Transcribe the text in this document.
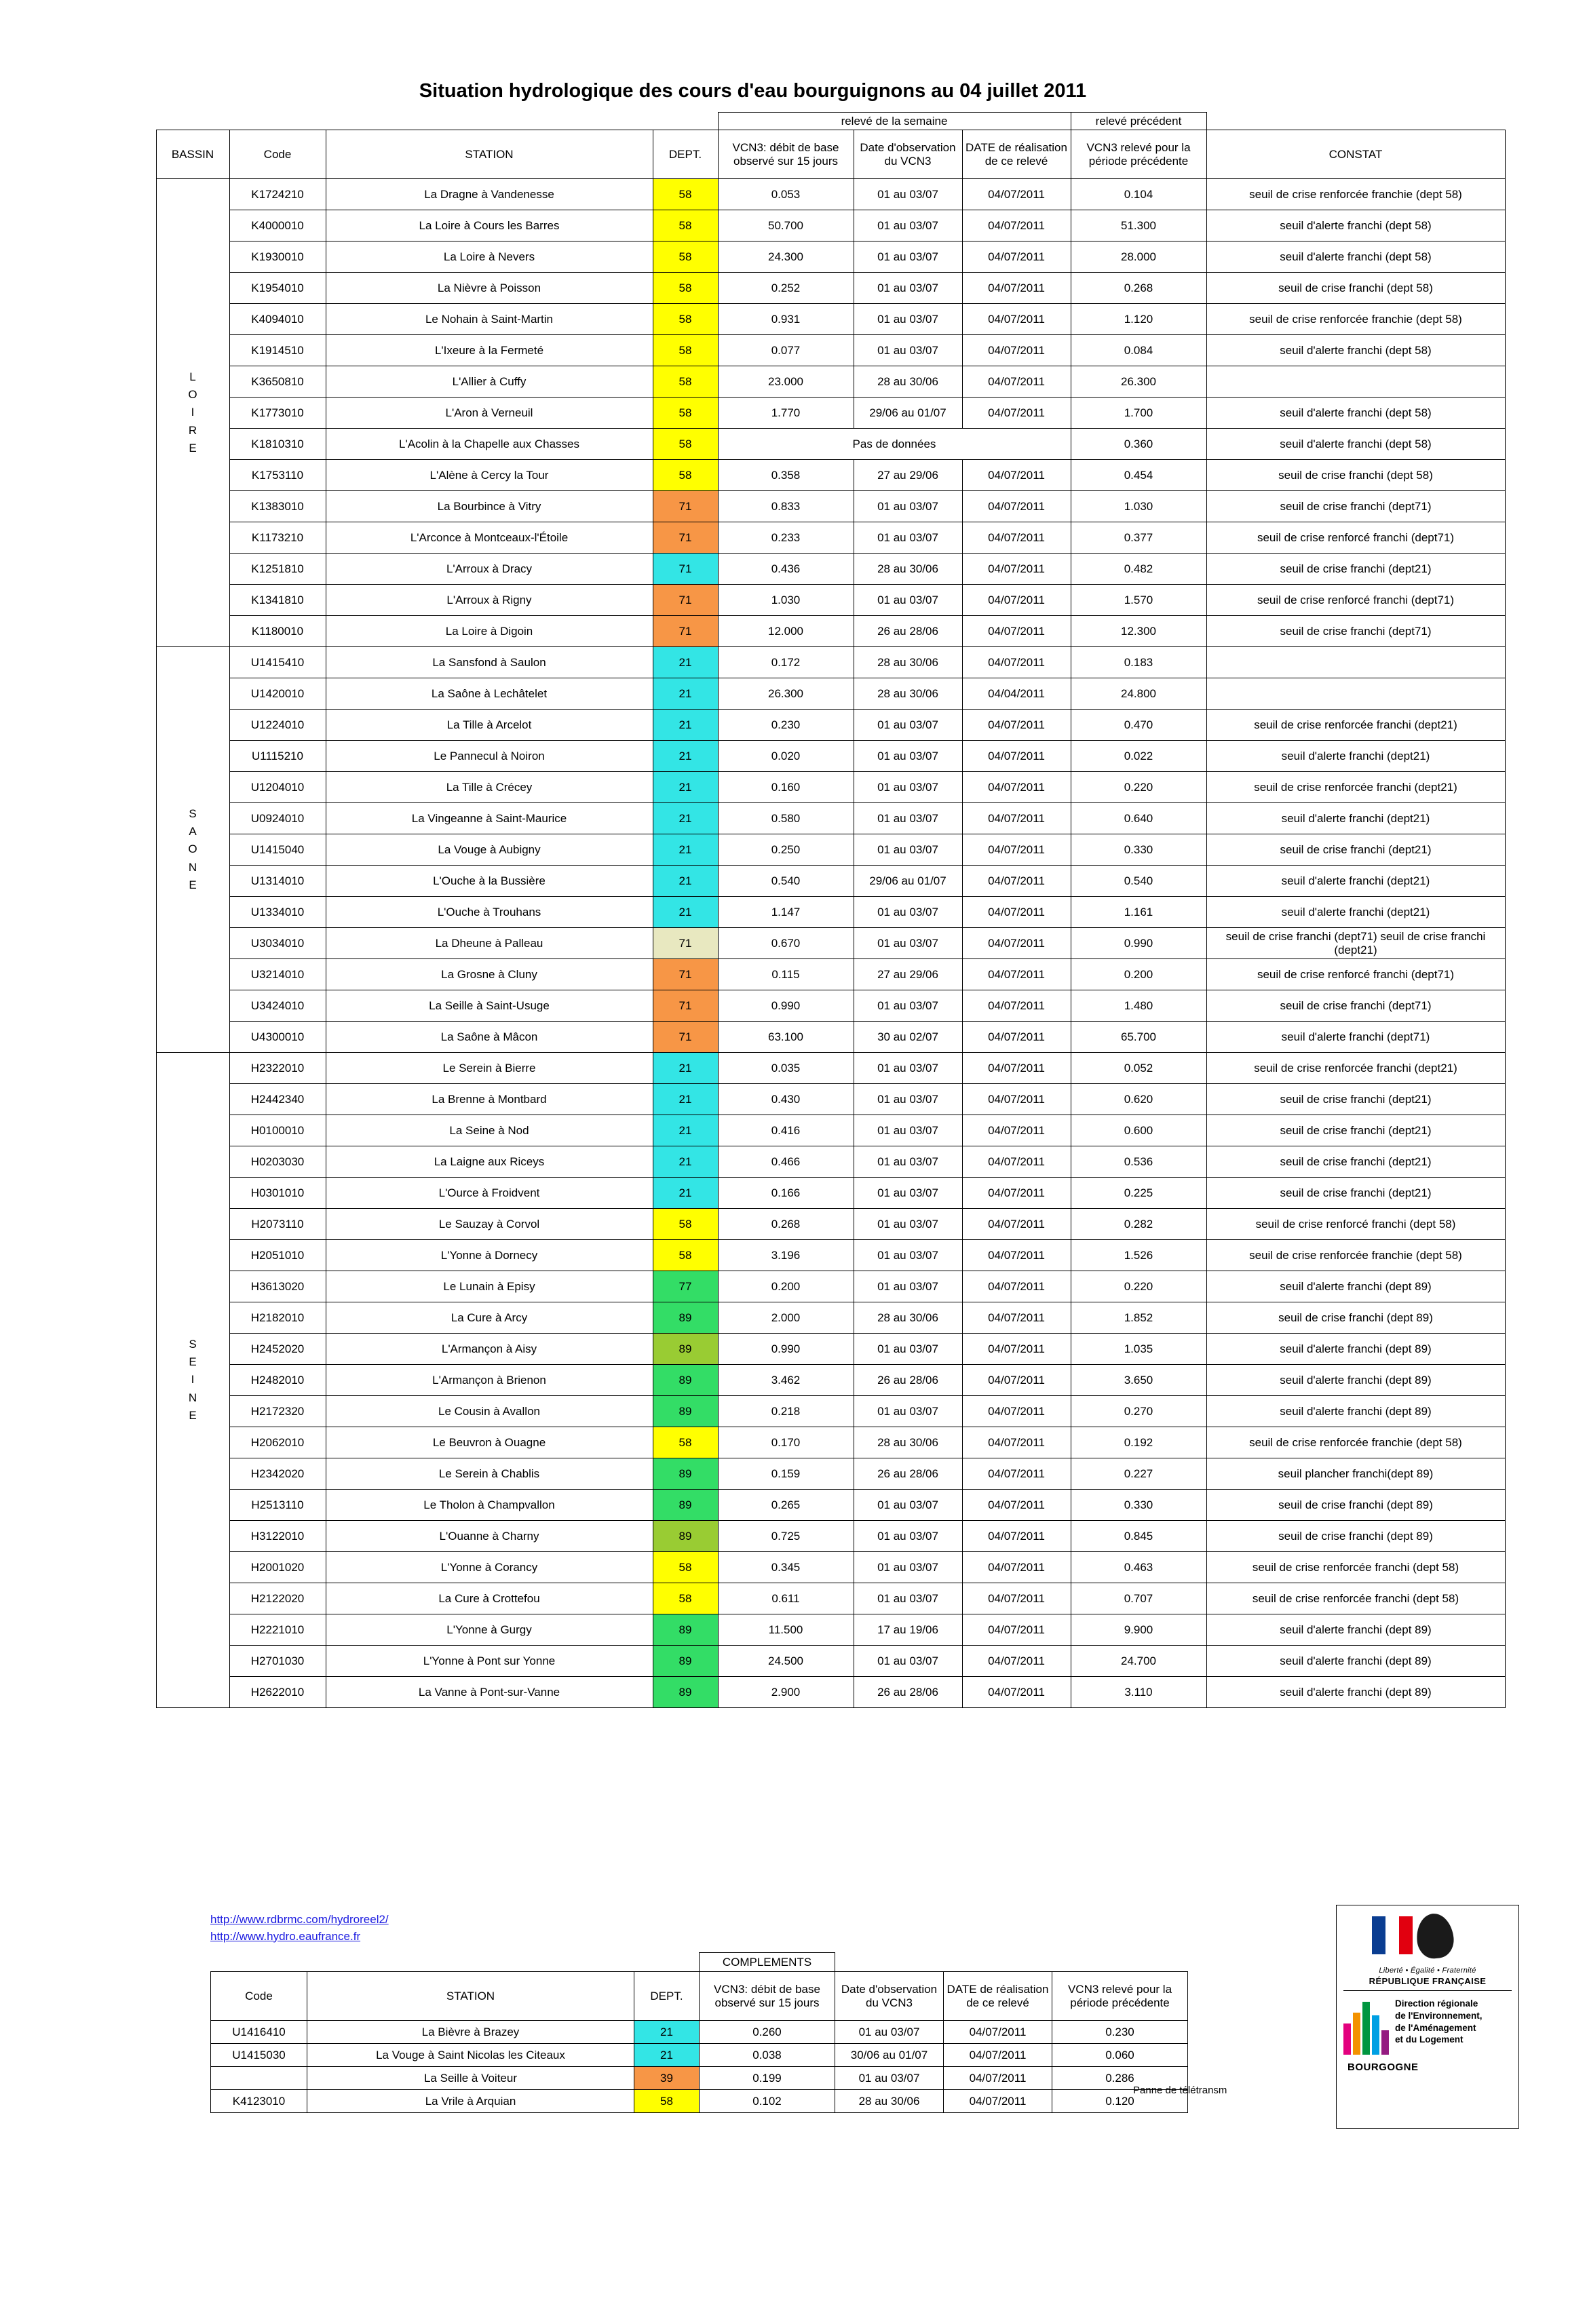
Situation hydrologique des cours d'eau bourguignons au 04 juillet 2011
				relevé de la semaine			relevé précédent	
BASSIN	Code	STATION	DEPT.	VCN3: débit de base observé sur 15 jours	Date d'observation du VCN3	DATE de réalisation de ce relevé	VCN3 relevé pour la période précédente	CONSTAT

L
O
I
R
E	K1724210	La Dragne à Vandenesse	58	0.053	01 au 03/07	04/07/2011	0.104	seuil de crise renforcée franchie (dept 58)
	K4000010	La Loire à Cours les Barres	58	50.700	01 au 03/07	04/07/2011	51.300	seuil d'alerte franchi (dept 58)
	K1930010	La Loire à Nevers	58	24.300	01 au 03/07	04/07/2011	28.000	seuil d'alerte franchi (dept 58)
	K1954010	La Nièvre à Poisson	58	0.252	01 au 03/07	04/07/2011	0.268	seuil de crise franchi (dept 58)
	K4094010	Le Nohain à Saint-Martin	58	0.931	01 au 03/07	04/07/2011	1.120	seuil de crise renforcée franchie (dept 58)
	K1914510	L'Ixeure à la Fermeté	58	0.077	01 au 03/07	04/07/2011	0.084	seuil d'alerte franchi (dept 58)
	K3650810	L'Allier à Cuffy	58	23.000	28 au 30/06	04/07/2011	26.300	
	K1773010	L'Aron à Verneuil	58	1.770	29/06 au 01/07	04/07/2011	1.700	seuil d'alerte franchi (dept 58)
	K1810310	L'Acolin à la Chapelle aux Chasses	58	Pas de données			0.360	seuil d'alerte franchi (dept 58)
	K1753110	L'Alène à Cercy la Tour	58	0.358	27 au 29/06	04/07/2011	0.454	seuil de crise franchi (dept 58)
	K1383010	La Bourbince à Vitry	71	0.833	01 au 03/07	04/07/2011	1.030	seuil de crise franchi (dept71)
	K1173210	L'Arconce à Montceaux-l'Étoile	71	0.233	01 au 03/07	04/07/2011	0.377	seuil de crise renforcé franchi (dept71)
	K1251810	L'Arroux à Dracy	71	0.436	28 au 30/06	04/07/2011	0.482	seuil de crise franchi (dept21)
	K1341810	L'Arroux à Rigny	71	1.030	01 au 03/07	04/07/2011	1.570	seuil de crise renforcé franchi (dept71)
	K1180010	La Loire à Digoin	71	12.000	26 au 28/06	04/07/2011	12.300	seuil de crise franchi (dept71)

S
A
O
N
E	U1415410	La Sansfond à Saulon	21	0.172	28 au 30/06	04/07/2011	0.183	
	U1420010	La Saône à Lechâtelet	21	26.300	28 au 30/06	04/04/2011	24.800	
	U1224010	La Tille à Arcelot	21	0.230	01 au 03/07	04/07/2011	0.470	seuil de crise renforcée franchi (dept21)
	U1115210	Le Pannecul à Noiron	21	0.020	01 au 03/07	04/07/2011	0.022	seuil d'alerte franchi (dept21)
	U1204010	La Tille à Crécey	21	0.160	01 au 03/07	04/07/2011	0.220	seuil de crise renforcée franchi (dept21)
	U0924010	La Vingeanne à Saint-Maurice	21	0.580	01 au 03/07	04/07/2011	0.640	seuil d'alerte franchi (dept21)
	U1415040	La Vouge à Aubigny	21	0.250	01 au 03/07	04/07/2011	0.330	seuil de crise franchi (dept21)
	U1314010	L'Ouche à la Bussière	21	0.540	29/06 au 01/07	04/07/2011	0.540	seuil d'alerte franchi (dept21)
	U1334010	L'Ouche à Trouhans	21	1.147	01 au 03/07	04/07/2011	1.161	seuil d'alerte franchi (dept21)
	U3034010	La Dheune à Palleau	71	0.670	01 au 03/07	04/07/2011	0.990	seuil de crise franchi (dept71) seuil de crise franchi (dept21)
	U3214010	La Grosne à Cluny	71	0.115	27 au 29/06	04/07/2011	0.200	seuil de crise renforcé franchi (dept71)
	U3424010	La Seille à Saint-Usuge	71	0.990	01 au 03/07	04/07/2011	1.480	seuil de crise franchi (dept71)
	U4300010	La Saône à Mâcon	71	63.100	30 au 02/07	04/07/2011	65.700	seuil d'alerte franchi (dept71)

S
E
I
N
E	H2322010	Le Serein à Bierre	21	0.035	01 au 03/07	04/07/2011	0.052	seuil de crise renforcée franchi (dept21)
	H2442340	La Brenne à Montbard	21	0.430	01 au 03/07	04/07/2011	0.620	seuil de crise franchi (dept21)
	H0100010	La Seine à Nod	21	0.416	01 au 03/07	04/07/2011	0.600	seuil de crise franchi (dept21)
	H0203030	La Laigne aux Riceys	21	0.466	01 au 03/07	04/07/2011	0.536	seuil de crise franchi (dept21)
	H0301010	L'Ource à Froidvent	21	0.166	01 au 03/07	04/07/2011	0.225	seuil de crise franchi (dept21)
	H2073110	Le Sauzay à Corvol	58	0.268	01 au 03/07	04/07/2011	0.282	seuil de crise renforcé franchi (dept 58)
	H2051010	L'Yonne à Dornecy	58	3.196	01 au 03/07	04/07/2011	1.526	seuil de crise renforcée franchie (dept 58)
	H3613020	Le Lunain à Episy	77	0.200	01 au 03/07	04/07/2011	0.220	seuil d'alerte franchi (dept 89)
	H2182010	La Cure à Arcy	89	2.000	28 au 30/06	04/07/2011	1.852	seuil de crise franchi (dept 89)
	H2452020	L'Armançon à Aisy	89	0.990	01 au 03/07	04/07/2011	1.035	seuil d'alerte franchi (dept 89)
	H2482010	L'Armançon à Brienon	89	3.462	26 au 28/06	04/07/2011	3.650	seuil d'alerte franchi (dept 89)
	H2172320	Le Cousin à Avallon	89	0.218	01 au 03/07	04/07/2011	0.270	seuil d'alerte franchi (dept 89)
	H2062010	Le Beuvron à Ouagne	58	0.170	28 au 30/06	04/07/2011	0.192	seuil de crise renforcée franchie (dept 58)
	H2342020	Le Serein à Chablis	89	0.159	26 au 28/06	04/07/2011	0.227	seuil plancher franchi(dept 89)
	H2513110	Le Tholon à Champvallon	89	0.265	01 au 03/07	04/07/2011	0.330	seuil de crise franchi (dept 89)
	H3122010	L'Ouanne à Charny	89	0.725	01 au 03/07	04/07/2011	0.845	seuil de crise franchi (dept 89)
	H2001020	L'Yonne à Corancy	58	0.345	01 au 03/07	04/07/2011	0.463	seuil de crise renforcée franchi (dept 58)
	H2122020	La Cure à Crottefou	58	0.611	01 au 03/07	04/07/2011	0.707	seuil de crise renforcée franchi (dept 58)
	H2221010	L'Yonne à Gurgy	89	11.500	17 au 19/06	04/07/2011	9.900	seuil d'alerte franchi (dept 89)
	H2701030	L'Yonne à Pont sur Yonne	89	24.500	01 au 03/07	04/07/2011	24.700	seuil d'alerte franchi (dept 89)
	H2622010	La Vanne à Pont-sur-Vanne	89	2.900	26 au 28/06	04/07/2011	3.110	seuil d'alerte franchi (dept 89)
http://www.rdbrmc.com/hydroreel2/
http://www.hydro.eaufrance.fr
			COMPLEMENTS			
Code	STATION	DEPT.	VCN3: débit de base observé sur 15 jours	Date d'observation du VCN3	DATE de réalisation de ce relevé	VCN3 relevé pour la période précédente
U1416410	La Bièvre à Brazey	21	0.260	01 au 03/07	04/07/2011	0.230
U1415030	La Vouge à Saint Nicolas les Citeaux	21	0.038	30/06 au 01/07	04/07/2011	0.060
	La Seille à Voiteur	39	0.199	01 au 03/07	04/07/2011	0.286
K4123010	La Vrile à Arquian	58	0.102	28 au 30/06	04/07/2011	0.120
Panne de télétransm
Liberté • Égalité • Fraternité
RÉPUBLIQUE FRANÇAISE
Direction régionale
de l'Environnement,
de l'Aménagement
et du Logement
BOURGOGNE
